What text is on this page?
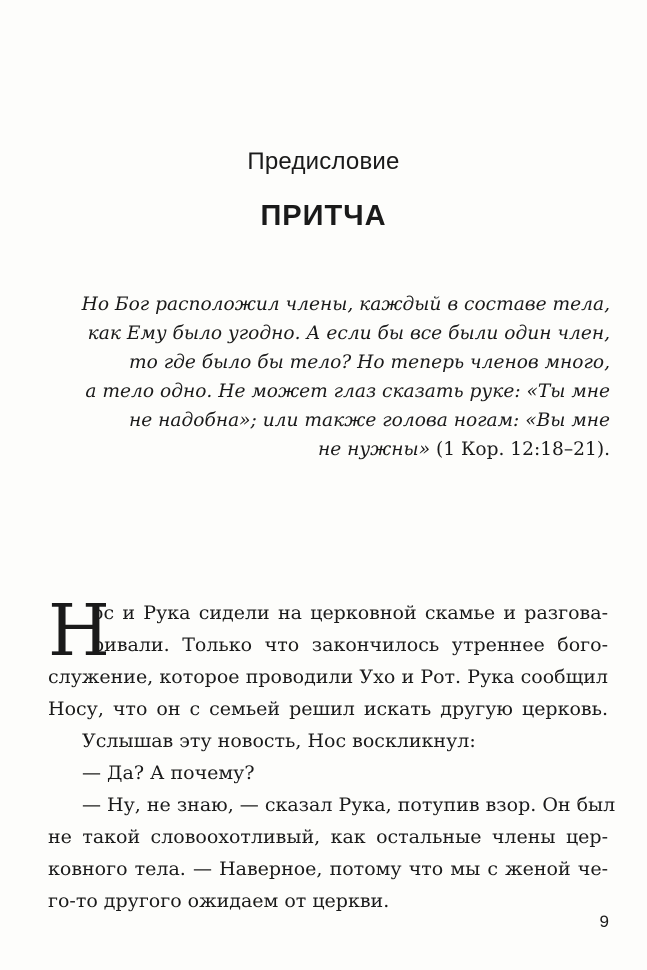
Предисловие
ПРИТЧА
Но Бог расположил члены, каждый в составе тела,
как Ему было угодно. А если бы все были один член,
то где было бы тело? Но теперь членов много,
а тело одно. Не может глаз сказать руке: «Ты мне
не надобна»; или также голова ногам: «Вы мне
не нужны» (1 Кор. 12:18–21).
Н
ос и Рука сидели на церковной скамье и разгова-
ривали. Только что закончилось утреннее бого-
служение, которое проводили Ухо и Рот. Рука сообщил
Носу, что он с семьей решил искать другую церковь.
Услышав эту новость, Нос воскликнул:
— Да? А почему?
— Ну, не знаю, — сказал Рука, потупив взор. Он был
не такой словоохотливый, как остальные члены цер-
ковного тела. — Наверное, потому что мы с женой че-
го-то другого ожидаем от церкви.
9
